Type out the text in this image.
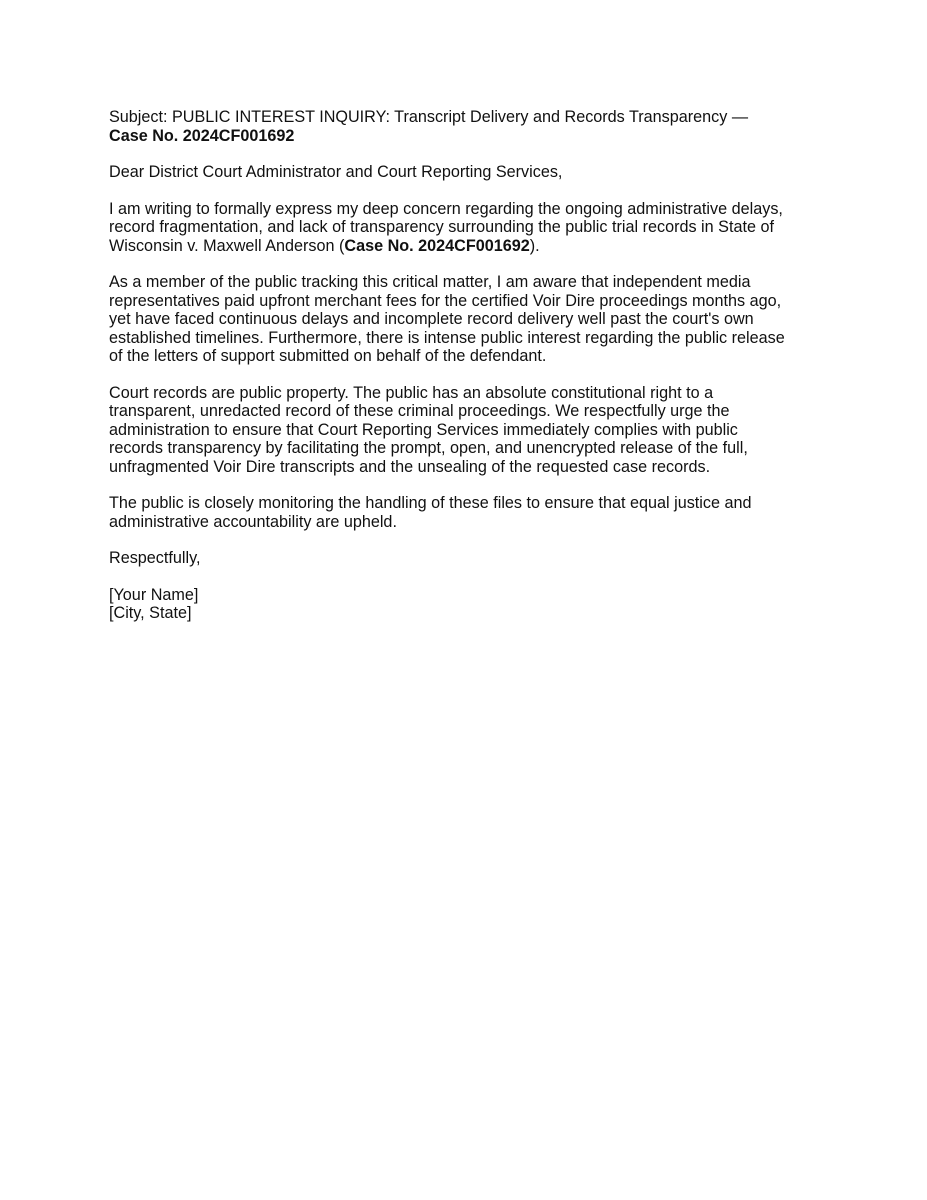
Subject: PUBLIC INTEREST INQUIRY: Transcript Delivery and Records Transparency —
Case No. 2024CF001692

Dear District Court Administrator and Court Reporting Services,

I am writing to formally express my deep concern regarding the ongoing administrative delays,
record fragmentation, and lack of transparency surrounding the public trial records in State of
Wisconsin v. Maxwell Anderson (Case No. 2024CF001692).

As a member of the public tracking this critical matter, I am aware that independent media
representatives paid upfront merchant fees for the certified Voir Dire proceedings months ago,
yet have faced continuous delays and incomplete record delivery well past the court's own
established timelines. Furthermore, there is intense public interest regarding the public release
of the letters of support submitted on behalf of the defendant.

Court records are public property. The public has an absolute constitutional right to a
transparent, unredacted record of these criminal proceedings. We respectfully urge the
administration to ensure that Court Reporting Services immediately complies with public
records transparency by facilitating the prompt, open, and unencrypted release of the full,
unfragmented Voir Dire transcripts and the unsealing of the requested case records.

The public is closely monitoring the handling of these files to ensure that equal justice and
administrative accountability are upheld.

Respectfully,

[Your Name]
[City, State]
